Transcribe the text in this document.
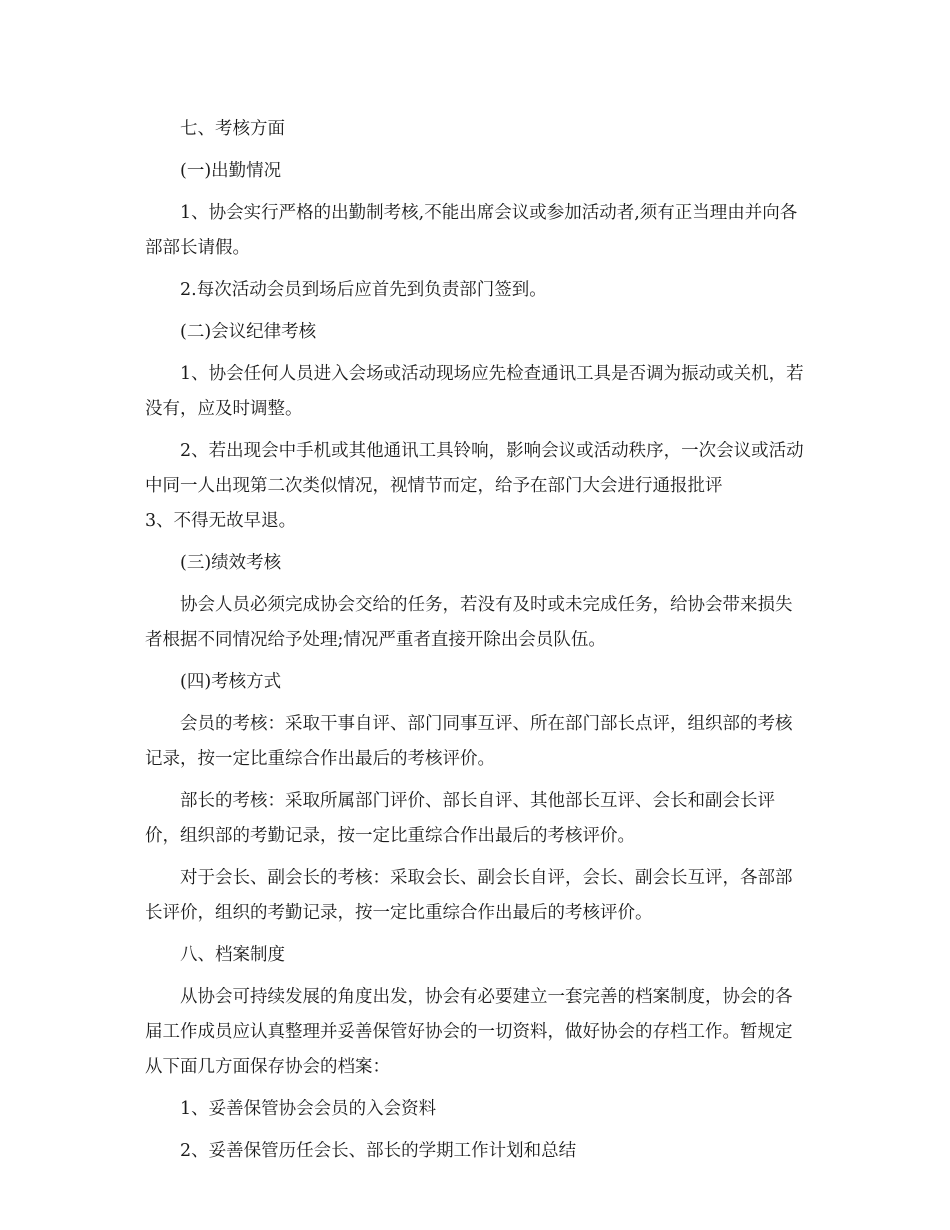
七、考核方面

(一)出勤情况

1、协会实行严格的出勤制考核,不能出席会议或参加活动者,须有正当理由并向各部部长请假。

2.每次活动会员到场后应首先到负责部门签到。

(二)会议纪律考核

1、协会任何人员进入会场或活动现场应先检查通讯工具是否调为振动或关机，若没有，应及时调整。

2、若出现会中手机或其他通讯工具铃响，影响会议或活动秩序，一次会议或活动中同一人出现第二次类似情况，视情节而定，给予在部门大会进行通报批评

3、不得无故早退。

(三)绩效考核

协会人员必须完成协会交给的任务，若没有及时或未完成任务，给协会带来损失者根据不同情况给予处理;情况严重者直接开除出会员队伍。

(四)考核方式

会员的考核：采取干事自评、部门同事互评、所在部门部长点评，组织部的考核记录，按一定比重综合作出最后的考核评价。

部长的考核：采取所属部门评价、部长自评、其他部长互评、会长和副会长评价，组织部的考勤记录，按一定比重综合作出最后的考核评价。

对于会长、副会长的考核：采取会长、副会长自评，会长、副会长互评，各部部长评价，组织的考勤记录，按一定比重综合作出最后的考核评价。

八、档案制度

从协会可持续发展的角度出发，协会有必要建立一套完善的档案制度，协会的各届工作成员应认真整理并妥善保管好协会的一切资料，做好协会的存档工作。暂规定从下面几方面保存协会的档案：

1、妥善保管协会会员的入会资料

2、妥善保管历任会长、部长的学期工作计划和总结
